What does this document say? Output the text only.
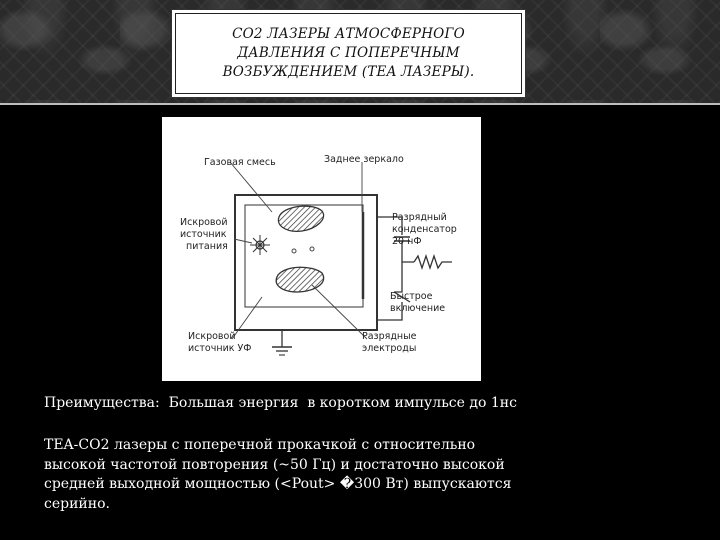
CO2 ЛАЗЕРЫ АТМОСФЕРНОГО ДАВЛЕНИЯ С ПОПЕРЕЧНЫМ ВОЗБУЖДЕНИЕМ (TEA ЛАЗЕРЫ).
Газовая смесь	Заднее зеркало
Искровой
источник
питания
Разрядный
конденсатор
20 нФ
Быстрое
включение
Искровой
источник УФ
Разрядные
электроды
Преимущества:  Большая энергия  в коротком импульсе до 1нс
TEA-CO2 лазеры с поперечной прокачкой с относительно
высокой частотой повторения (~50 Гц) и достаточно высокой
средней выходной мощностью (<Pout> �300 Вт) выпускаются
серийно.
